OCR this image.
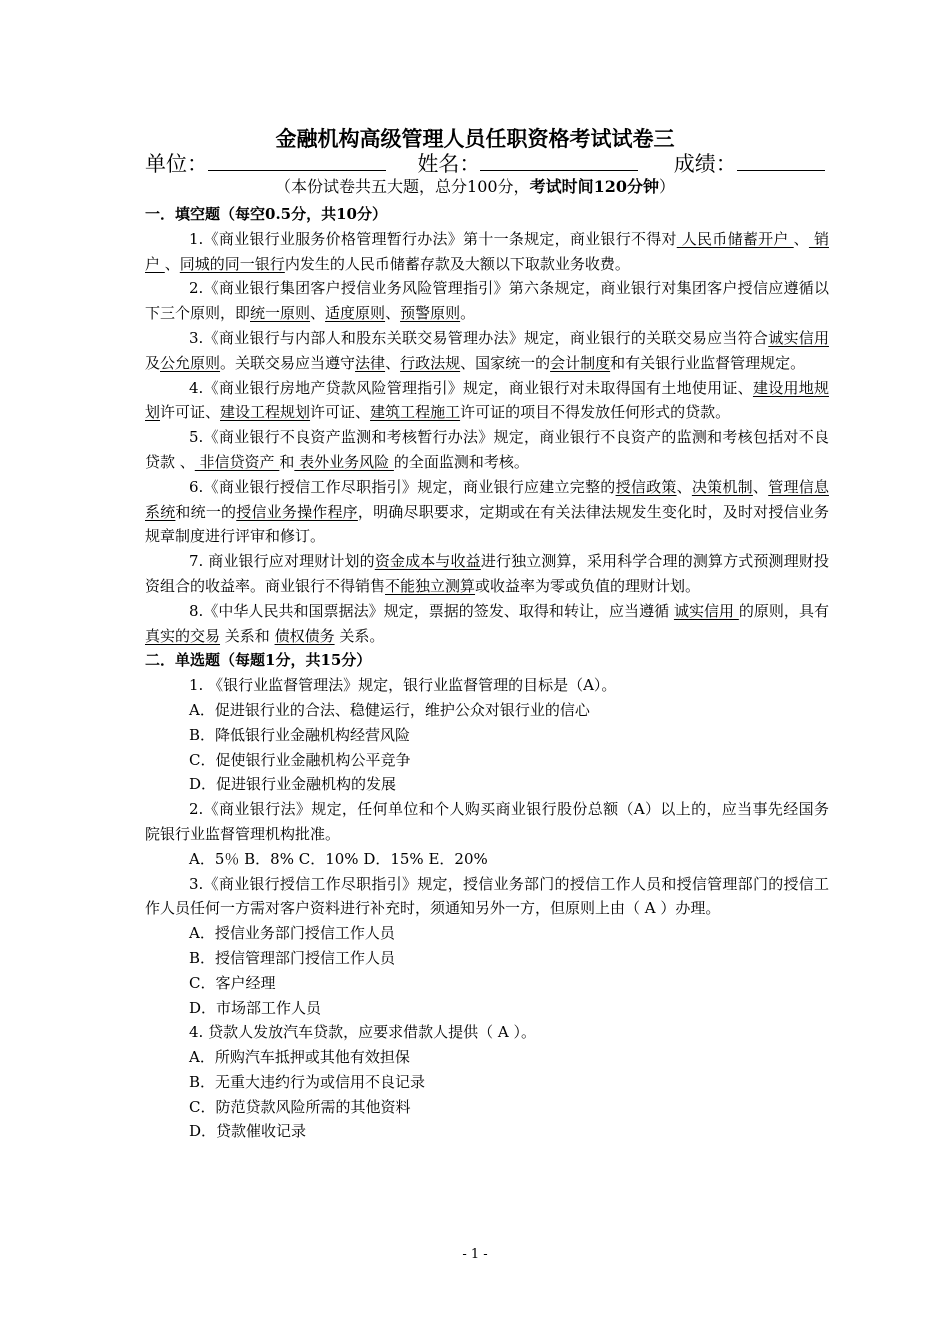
金融机构高级管理人员任职资格考试试卷三
单位：	姓名：	成绩：
（本份试卷共五大题，总分100分，考试时间120分钟）

一．填空题（每空0.5分，共10分）

1.《商业银行业服务价格管理暂行办法》第十一条规定，商业银行不得对 人民币储蓄开户 、 销户 、同城的同一银行内发生的人民币储蓄存款及大额以下取款业务收费。

2.《商业银行集团客户授信业务风险管理指引》第六条规定，商业银行对集团客户授信应遵循以下三个原则，即统一原则、适度原则、预警原则。

3.《商业银行与内部人和股东关联交易管理办法》规定，商业银行的关联交易应当符合诚实信用及公允原则。关联交易应当遵守法律、行政法规、国家统一的会计制度和有关银行业监督管理规定。

4.《商业银行房地产贷款风险管理指引》规定，商业银行对未取得国有土地使用证、建设用地规划许可证、建设工程规划许可证、建筑工程施工许可证的项目不得发放任何形式的贷款。

5.《商业银行不良资产监测和考核暂行办法》规定，商业银行不良资产的监测和考核包括对不良贷款 、 非信贷资产 和 表外业务风险 的全面监测和考核。

6.《商业银行授信工作尽职指引》规定，商业银行应建立完整的授信政策、决策机制、管理信息系统和统一的授信业务操作程序，明确尽职要求，定期或在有关法律法规发生变化时，及时对授信业务规章制度进行评审和修订。

7. 商业银行应对理财计划的资金成本与收益进行独立测算，采用科学合理的测算方式预测理财投资组合的收益率。商业银行不得销售不能独立测算或收益率为零或负值的理财计划。

8.《中华人民共和国票据法》规定，票据的签发、取得和转让，应当遵循 诚实信用 的原则，具有 真实的交易 关系和 债权债务 关系。

二．单选题（每题1分，共15分）

1. 《银行业监督管理法》规定，银行业监督管理的目标是（A）。

A．促进银行业的合法、稳健运行，维护公众对银行业的信心

B．降低银行业金融机构经营风险

C．促使银行业金融机构公平竞争

D．促进银行业金融机构的发展

2.《商业银行法》规定，任何单位和个人购买商业银行股份总额（A）以上的，应当事先经国务院银行业监督管理机构批准。

A．5％ B．8% C．10% D．15% E．20%

3.《商业银行授信工作尽职指引》规定，授信业务部门的授信工作人员和授信管理部门的授信工作人员任何一方需对客户资料进行补充时，须通知另外一方，但原则上由（ A ）办理。

A．授信业务部门授信工作人员

B．授信管理部门授信工作人员

C．客户经理

D．市场部工作人员

4. 贷款人发放汽车贷款，应要求借款人提供（ A ）。

A．所购汽车抵押或其他有效担保

B．无重大违约行为或信用不良记录

C．防范贷款风险所需的其他资料

D．贷款催收记录

- 1 -
